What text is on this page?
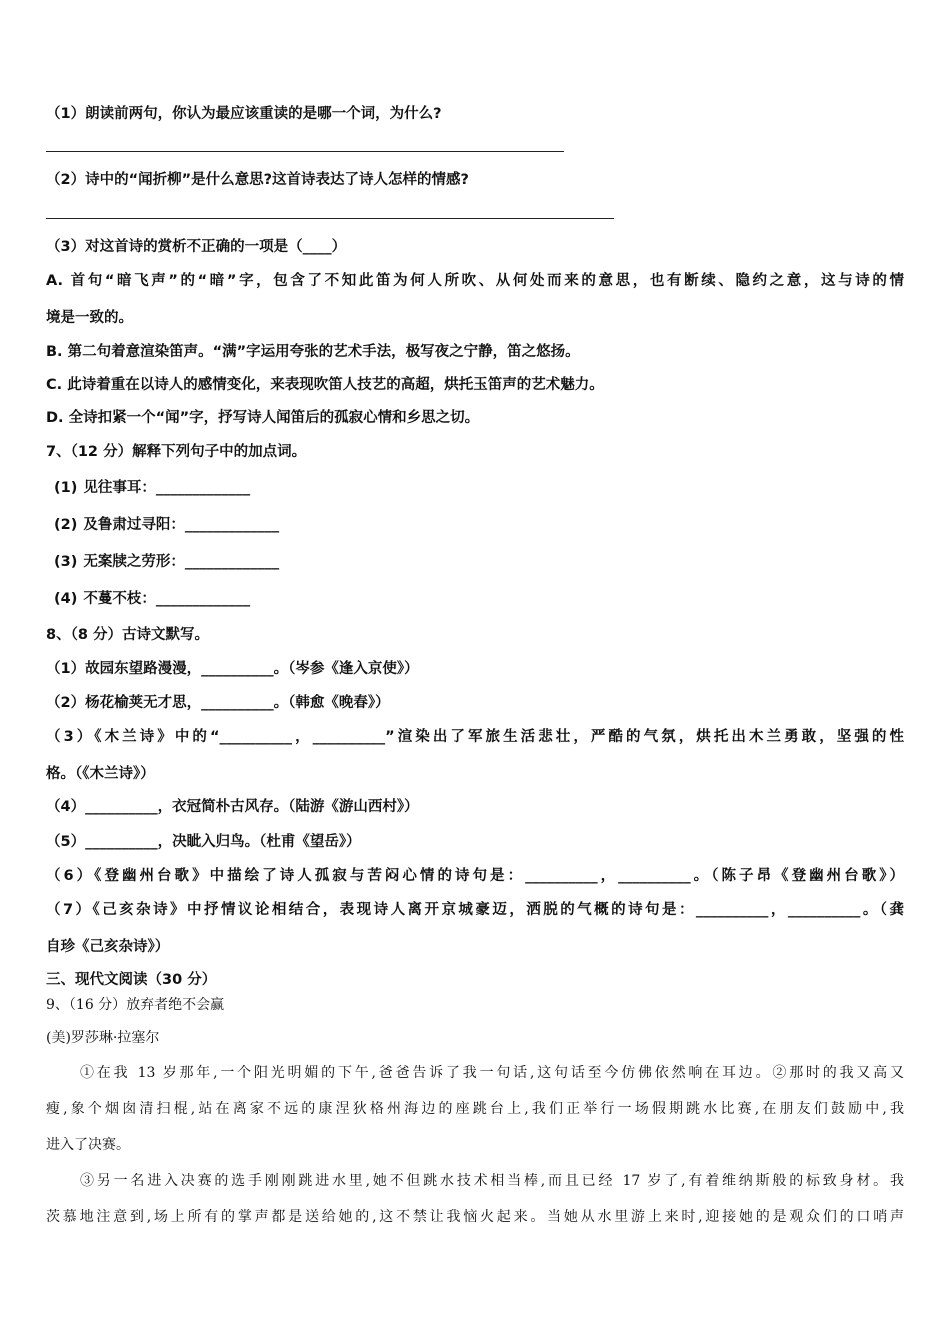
（1）朗读前两句，你认为最应该重读的是哪一个词，为什么?
（2）诗中的“闻折柳”是什么意思?这首诗表达了诗人怎样的情感?
（3）对这首诗的赏析不正确的一项是（____）
A. 首句“暗飞声”的“暗”字，包含了不知此笛为何人所吹、从何处而来的意思，也有断续、隐约之意，这与诗的情
境是一致的。
B. 第二句着意渲染笛声。“满”字运用夸张的艺术手法，极写夜之宁静，笛之悠扬。
C. 此诗着重在以诗人的感情变化，来表现吹笛人技艺的高超，烘托玉笛声的艺术魅力。
D. 全诗扣紧一个“闻”字，抒写诗人闻笛后的孤寂心情和乡思之切。
7、（12 分）解释下列句子中的加点词。
(1) 见往事耳：_____________
(2) 及鲁肃过寻阳：_____________
(3) 无案牍之劳形：_____________
(4) 不蔓不枝：_____________
8、（8 分）古诗文默写。
（1）故园东望路漫漫，__________。（岑参《逢入京使》）
（2）杨花榆荚无才思，__________。（韩愈《晚春》）
（3）《木兰诗》中的“__________，__________”渲染出了军旅生活悲壮，严酷的气氛，烘托出木兰勇敢，坚强的性
格。（《木兰诗》）
（4）__________，衣冠简朴古风存。（陆游《游山西村》）
（5）__________，决眦入归鸟。（杜甫《望岳》）
（6）《登幽州台歌》中描绘了诗人孤寂与苦闷心情的诗句是：__________，__________。（陈子昂《登幽州台歌》）
（7）《己亥杂诗》中抒情议论相结合，表现诗人离开京城豪迈，洒脱的气概的诗句是：__________，__________。（龚
自珍《己亥杂诗》）
三、现代文阅读（30 分）
9、（16 分）放弃者绝不会赢
(美)罗莎琳·拉塞尔
①在我 13 岁那年,一个阳光明媚的下午,爸爸告诉了我一句话,这句话至今仿佛依然响在耳边。②那时的我又高又
瘦,象个烟囱清扫棍,站在离家不远的康涅狄格州海边的座跳台上,我们正举行一场假期跳水比赛,在朋友们鼓励中,我
进入了决赛。
③另一名进入决赛的选手刚刚跳进水里,她不但跳水技术相当棒,而且已经 17 岁了,有着维纳斯般的标致身材。我
茨慕地注意到,场上所有的掌声都是送给她的,这不禁让我恼火起来。当她从水里游上来时,迎接她的是观众们的口哨声
